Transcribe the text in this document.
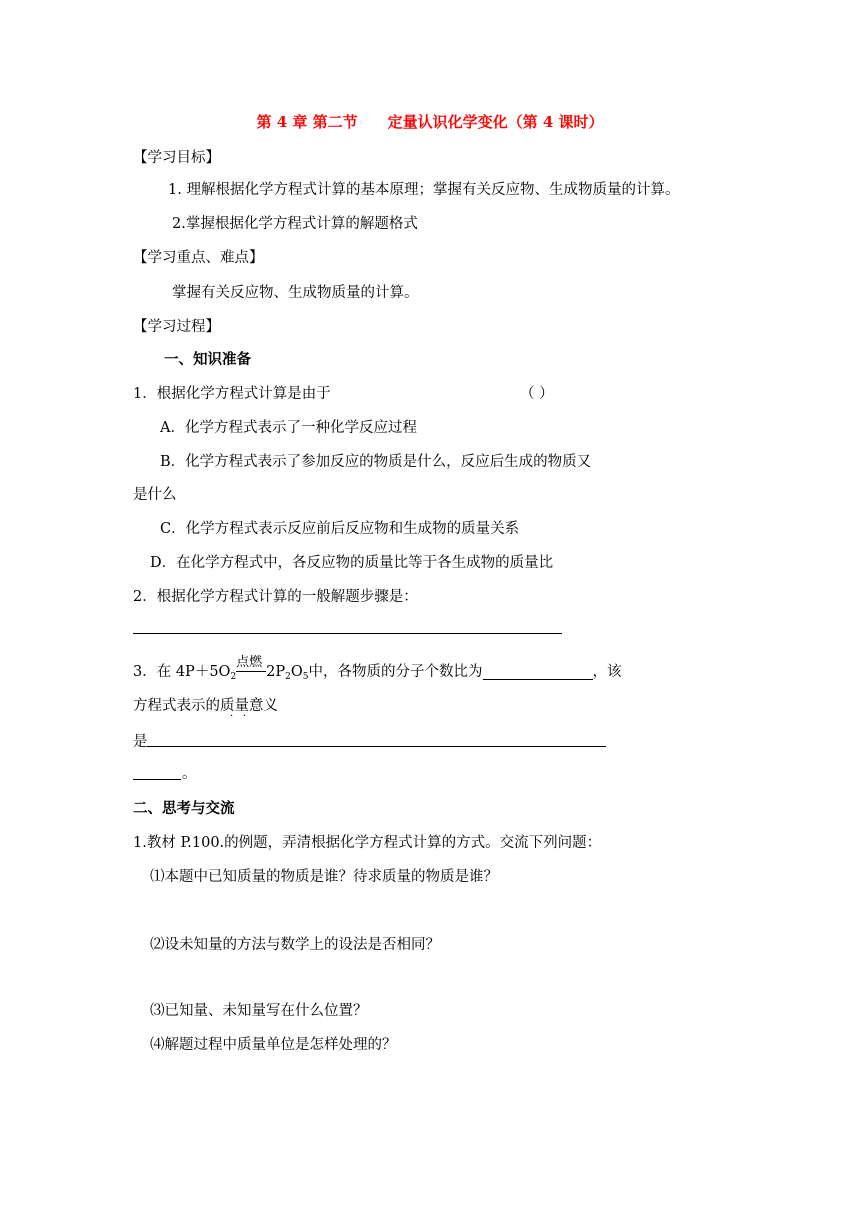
第 4 章 第二节 定量认识化学变化（第 4 课时）
【学习目标】
1. 理解根据化学方程式计算的基本原理；掌握有关反应物、生成物质量的计算。
2.掌握根据化学方程式计算的解题格式
【学习重点、难点】
掌握有关反应物、生成物质量的计算。
【学习过程】
一、知识准备
1．根据化学方程式计算是由于	（ ）
A．化学方程式表示了一种化学反应过程
B．化学方程式表示了参加反应的物质是什么，反应后生成的物质又
是什么
C．化学方程式表示反应前后反应物和生成物的质量关系
D．在化学方程式中，各反应物的质量比等于各生成物的质量比
2．根据化学方程式计算的一般解题步骤是：
3．在 $4P+5O_2$
点燃
$2P_2O_5$中，各物质的分子个数比为	，该
方程式表示的质量意义
· ·
是
。
二、思考与交流
1.教材 P.100.的例题，弄清根据化学方程式计算的方式。交流下列问题：
⑴本题中已知质量的物质是谁？待求质量的物质是谁？
⑵设未知量的方法与数学上的设法是否相同？
⑶已知量、未知量写在什么位置？
⑷解题过程中质量单位是怎样处理的？
